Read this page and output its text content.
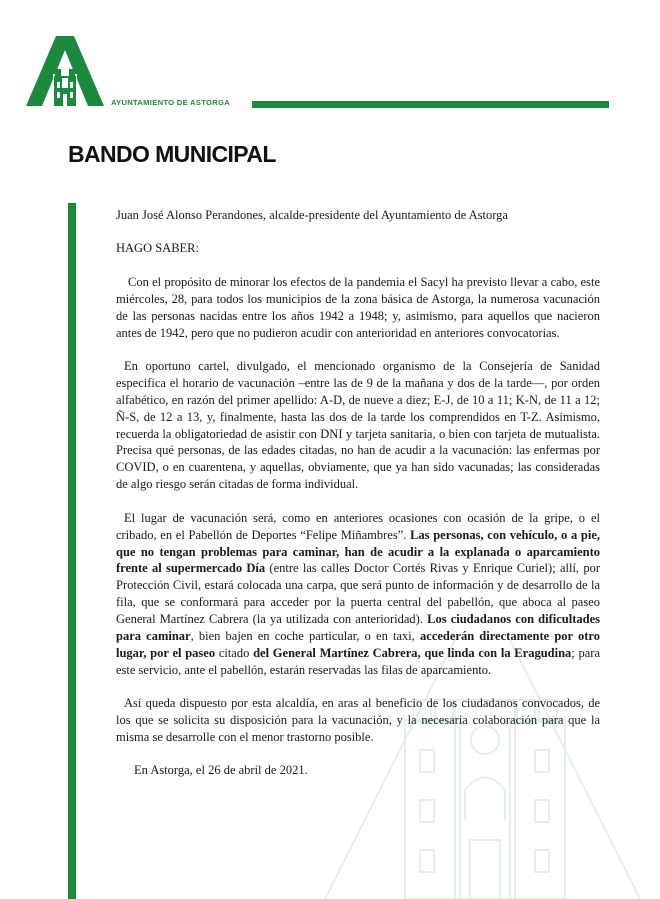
AYUNTAMIENTO DE ASTORGA
BANDO MUNICIPAL

Juan José Alonso Perandones, alcalde-presidente del Ayuntamiento de Astorga

HAGO SABER:

Con el propósito de minorar los efectos de la pandemia el Sacyl ha previsto llevar a cabo, este miércoles, 28, para todos los municipios de la zona básica de Astorga, la numerosa vacunación de las personas nacidas entre los años 1942 a 1948; y, asimismo, para aquellos que nacieron antes de 1942, pero que no pudieron acudir con anterioridad en anteriores convocatorias.

En oportuno cartel, divulgado, el mencionado organismo de la Consejería de Sanidad especifica el horario de vacunación –entre las de 9 de la mañana y dos de la tarde—, por orden alfabético, en razón del primer apellido: A-D, de nueve a diez; E-J, de 10 a 11; K-N, de 11 a 12; Ñ-S, de 12 a 13, y, finalmente, hasta las dos de la tarde los comprendidos en T-Z. Asimismo, recuerda la obligatoriedad de asistir con DNI y tarjeta sanitaria, o bien con tarjeta de mutualista. Precisa qué personas, de las edades citadas, no han de acudir a la vacunación: las enfermas por COVID, o en cuarentena, y aquellas, obviamente, que ya han sido vacunadas; las consideradas de algo riesgo serán citadas de forma individual.

El lugar de vacunación será, como en anteriores ocasiones con ocasión de la gripe, o el cribado, en el Pabellón de Deportes “Felipe Miñambres”. Las personas, con vehículo, o a pie, que no tengan problemas para caminar, han de acudir a la explanada o aparcamiento frente al supermercado Día (entre las calles Doctor Cortés Rivas y Enrique Curiel); allí, por Protección Civil, estará colocada una carpa, que será punto de información y de desarrollo de la fila, que se conformará para acceder por la puerta central del pabellón, que aboca al paseo General Martínez Cabrera (la ya utilizada con anterioridad). Los ciudadanos con dificultades para caminar, bien bajen en coche particular, o en taxi, accederán directamente por otro lugar, por el paseo citado del General Martínez Cabrera, que linda con la Eragudina; para este servicio, ante el pabellón, estarán reservadas las filas de aparcamiento.

Así queda dispuesto por esta alcaldía, en aras al beneficio de los ciudadanos convocados, de los que se solicita su disposición para la vacunación, y la necesaria colaboración para que la misma se desarrolle con el menor trastorno posible.

En Astorga, el 26 de abril de 2021.
